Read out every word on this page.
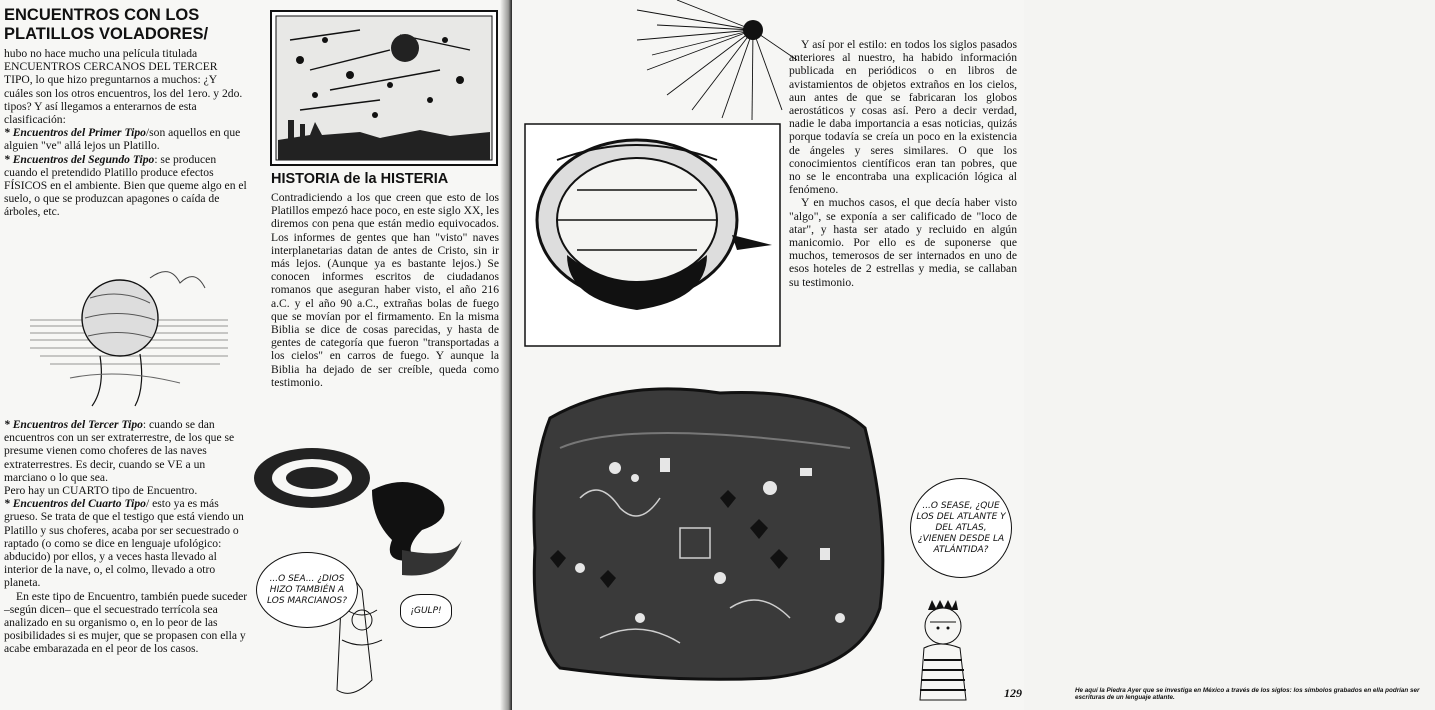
ENCUENTROS CON LOS PLATILLOS VOLADORES/

hubo no hace mucho una película titulada ENCUENTROS CERCANOS DEL TERCER TIPO, lo que hizo preguntarnos a muchos: ¿Y cuáles son los otros encuentros, los del 1ero. y 2do. tipos? Y así llegamos a enterarnos de esta clasificación:

* Encuentros del Primer Tipo/son aquellos en que alguien "ve" allá lejos un Platillo.

* Encuentros del Segundo Tipo: se producen cuando el pretendido Platillo produce efectos FÍSICOS en el ambiente. Bien que queme algo en el suelo, o que se produzcan apagones o caída de árboles, etc.

* Encuentros del Tercer Tipo: cuando se dan encuentros con un ser extraterrestre, de los que se presume vienen como choferes de las naves extraterrestres. Es decir, cuando se VE a un marciano o lo que sea.

Pero hay un CUARTO tipo de Encuentro.

* Encuentros del Cuarto Tipo/ esto ya es más grueso. Se trata de que el testigo que está viendo un Platillo y sus choferes, acaba por ser secuestrado o raptado (o como se dice en lenguaje ufológico: abducido) por ellos, y a veces hasta llevado al interior de la nave, o, el colmo, llevado a otro planeta.

En este tipo de Encuentro, también puede suceder –según dicen– que el secuestrado terrícola sea analizado en su organismo o, en lo peor de las posibilidades si es mujer, que se propasen con ella y acabe embarazada en el peor de los casos.

HISTORIA de la HISTERIA

Contradiciendo a los que creen que esto de los Platillos empezó hace poco, en este siglo XX, les diremos con pena que están medio equivocados. Los informes de gentes que han "visto" naves interplanetarias datan de antes de Cristo, sin ir más lejos. (Aunque ya es bastante lejos.) Se conocen informes escritos de ciudadanos romanos que aseguran haber visto, el año 216 a.C. y el año 90 a.C., extrañas bolas de fuego que se movían por el firmamento. En la misma Biblia se dice de cosas parecidas, y hasta de gentes de categoría que fueron "transportadas a los cielos" en carros de fuego. Y aunque la Biblia ha dejado de ser creíble, queda como testimonio.

...O SEA... ¿DIOS HIZO TAMBIÉN A LOS MARCIANOS?

¡GULP!

Y así por el estilo: en todos los siglos pasados anteriores al nuestro, ha habido información publicada en periódicos o en libros de avistamientos de objetos extraños en los cielos, aun antes de que se fabricaran los globos aerostáticos y cosas así. Pero a decir verdad, nadie le daba importancia a esas noticias, quizás porque todavía se creía un poco en la existencia de ángeles y seres similares. O que los conocimientos científicos eran tan pobres, que no se le encontraba una explicación lógica al fenómeno.

Y en muchos casos, el que decía haber visto "algo", se exponía a ser calificado de "loco de atar", y hasta ser atado y recluido en algún manicomio. Por ello es de suponerse que muchos, temerosos de ser internados en uno de esos hoteles de 2 estrellas y media, se callaban su testimonio.

He aquí la Piedra Ayer que se investiga en México a través de los siglos: los símbolos grabados en ella podrían ser escrituras de un lenguaje atlante.

...O SEASE, ¿QUE LOS DEL ATLANTE Y DEL ATLAS, ¿VIENEN DESDE LA ATLÁNTIDA?

129
